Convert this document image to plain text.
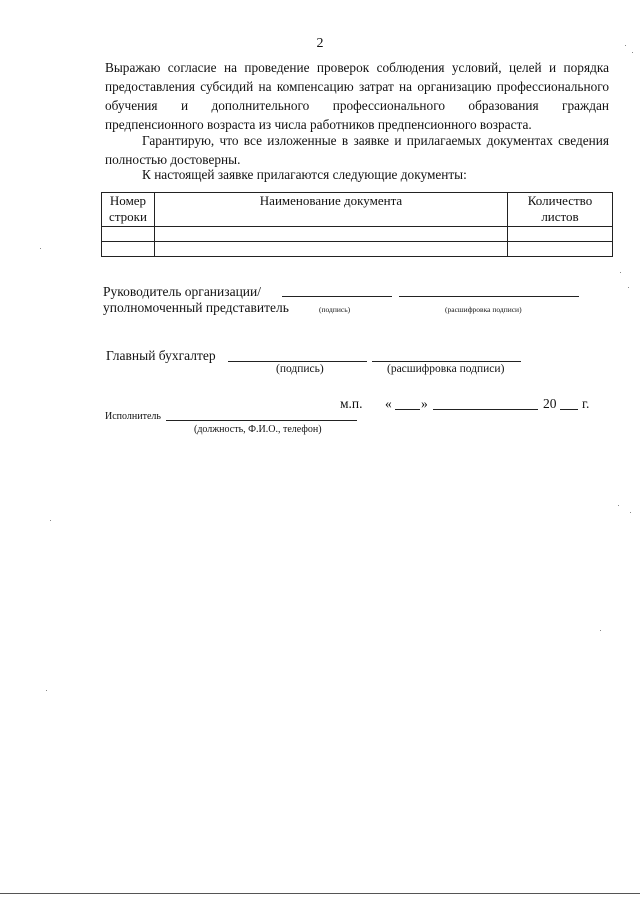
2

Выражаю согласие на проведение проверок соблюдения условий, целей и порядка предоставления субсидий на компенсацию затрат на организацию профессионального обучения и дополнительного профессионального образования граждан предпенсионного возраста из числа работников предпенсионного возраста.

Гарантирую, что все изложенные в заявке и прилагаемых документах сведения полностью достоверны.

К настоящей заявке прилагаются следующие документы:

Номер строки	Наименование документа	Количество листов

Руководитель организации/
уполномоченный представитель	(подпись)	(расшифровка подписи)
Главный бухгалтер
(подпись)	(расшифровка подписи)
м.п. « »	20 г.
Исполнитель
(должность, Ф.И.О., телефон)
